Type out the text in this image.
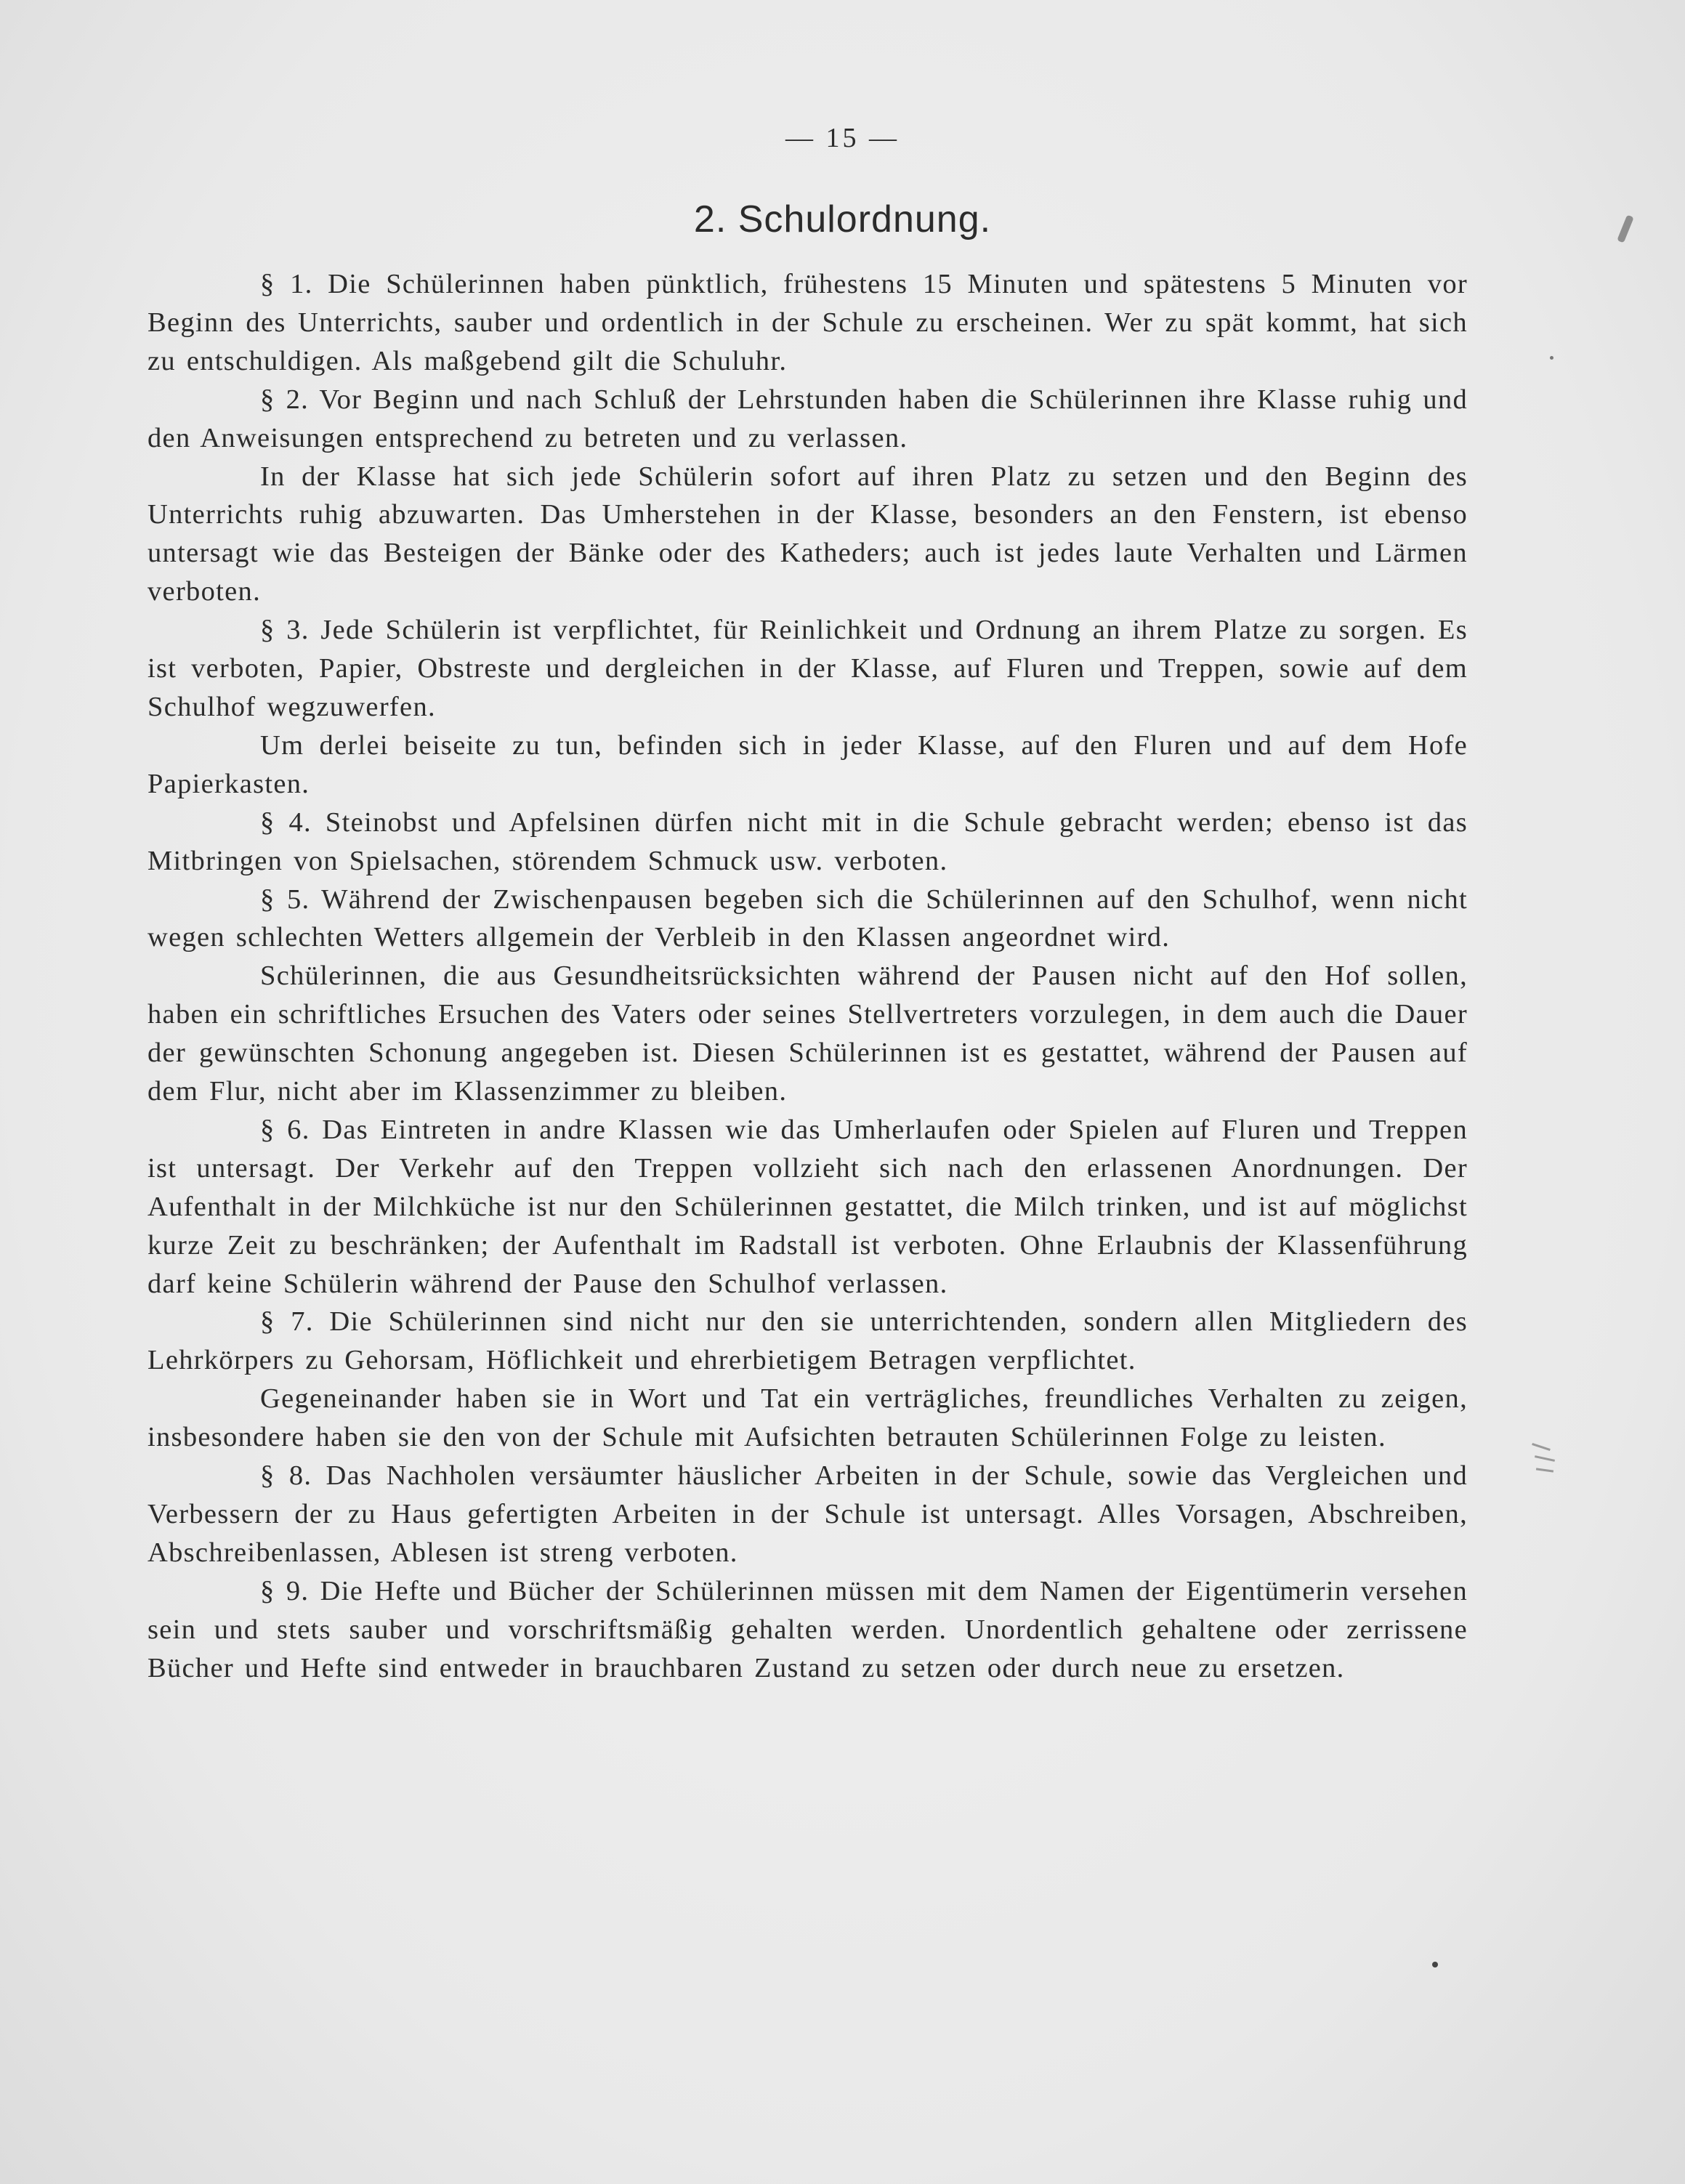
— 15 —
2. Schulordnung.

§ 1. Die Schülerinnen haben pünktlich, frühestens 15 Minuten und spätestens 5 Minuten vor Beginn des Unterrichts, sauber und ordentlich in der Schule zu erscheinen. Wer zu spät kommt, hat sich zu entschuldigen. Als maßgebend gilt die Schuluhr.

§ 2. Vor Beginn und nach Schluß der Lehrstunden haben die Schülerinnen ihre Klasse ruhig und den Anweisungen entsprechend zu betreten und zu verlassen.

In der Klasse hat sich jede Schülerin sofort auf ihren Platz zu setzen und den Beginn des Unterrichts ruhig abzuwarten. Das Umherstehen in der Klasse, besonders an den Fenstern, ist ebenso untersagt wie das Besteigen der Bänke oder des Katheders; auch ist jedes laute Verhalten und Lärmen verboten.

§ 3. Jede Schülerin ist verpflichtet, für Reinlichkeit und Ordnung an ihrem Platze zu sorgen. Es ist verboten, Papier, Obstreste und dergleichen in der Klasse, auf Fluren und Treppen, sowie auf dem Schulhof wegzuwerfen.

Um derlei beiseite zu tun, befinden sich in jeder Klasse, auf den Fluren und auf dem Hofe Papierkasten.

§ 4. Steinobst und Apfelsinen dürfen nicht mit in die Schule gebracht werden; ebenso ist das Mitbringen von Spielsachen, störendem Schmuck usw. verboten.

§ 5. Während der Zwischenpausen begeben sich die Schülerinnen auf den Schulhof, wenn nicht wegen schlechten Wetters allgemein der Verbleib in den Klassen angeordnet wird.

Schülerinnen, die aus Gesundheitsrücksichten während der Pausen nicht auf den Hof sollen, haben ein schriftliches Ersuchen des Vaters oder seines Stellvertreters vorzulegen, in dem auch die Dauer der gewünschten Schonung angegeben ist. Diesen Schülerinnen ist es gestattet, während der Pausen auf dem Flur, nicht aber im Klassenzimmer zu bleiben.

§ 6. Das Eintreten in andre Klassen wie das Umherlaufen oder Spielen auf Fluren und Treppen ist untersagt. Der Verkehr auf den Treppen vollzieht sich nach den erlassenen Anordnungen. Der Aufenthalt in der Milchküche ist nur den Schülerinnen gestattet, die Milch trinken, und ist auf möglichst kurze Zeit zu beschränken; der Aufenthalt im Radstall ist verboten. Ohne Erlaubnis der Klassenführung darf keine Schülerin während der Pause den Schulhof verlassen.

§ 7. Die Schülerinnen sind nicht nur den sie unterrichtenden, sondern allen Mitgliedern des Lehrkörpers zu Gehorsam, Höflichkeit und ehrerbietigem Betragen verpflichtet.

Gegeneinander haben sie in Wort und Tat ein verträgliches, freundliches Verhalten zu zeigen, insbesondere haben sie den von der Schule mit Aufsichten betrauten Schülerinnen Folge zu leisten.

§ 8. Das Nachholen versäumter häuslicher Arbeiten in der Schule, sowie das Vergleichen und Verbessern der zu Haus gefertigten Arbeiten in der Schule ist untersagt. Alles Vorsagen, Abschreiben, Abschreibenlassen, Ablesen ist streng verboten.

§ 9. Die Hefte und Bücher der Schülerinnen müssen mit dem Namen der Eigentümerin versehen sein und stets sauber und vorschriftsmäßig gehalten werden. Unordentlich gehaltene oder zerrissene Bücher und Hefte sind entweder in brauchbaren Zustand zu setzen oder durch neue zu ersetzen.
